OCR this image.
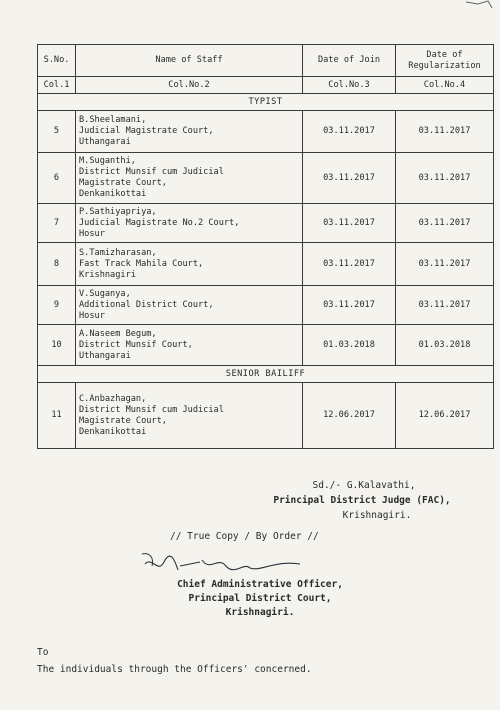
S.No.	Name of Staff	Date of Join	Date of
Regularization

Col.1	Col.No.2	Col.No.3	Col.No.4
TYPIST			
5	B.Sheelamani,
Judicial Magistrate Court,
Uthangarai	03.11.2017	03.11.2017
6	M.Suganthi,
District Munsif cum Judicial
Magistrate Court,
Denkanikottai	03.11.2017	03.11.2017
7	P.Sathiyapriya,
Judicial Magistrate No.2 Court,
Hosur	03.11.2017	03.11.2017
8	S.Tamizharasan,
Fast Track Mahila Court,
Krishnagiri	03.11.2017	03.11.2017
9	V.Suganya,
Additional District Court,
Hosur	03.11.2017	03.11.2017
10	A.Naseem Begum,
District Munsif Court,
Uthangarai	01.03.2018	01.03.2018
SENIOR BAILIFF			
11	C.Anbazhagan,
District Munsif cum Judicial
Magistrate Court,
Denkanikottai	12.06.2017	12.06.2017
Sd./- G.Kalavathi,
Principal District Judge (FAC),
Krishnagiri.
// True Copy / By Order //
Chief Administrative Officer,
Principal District Court,
Krishnagiri.
To
The individuals through the Officers' concerned.
